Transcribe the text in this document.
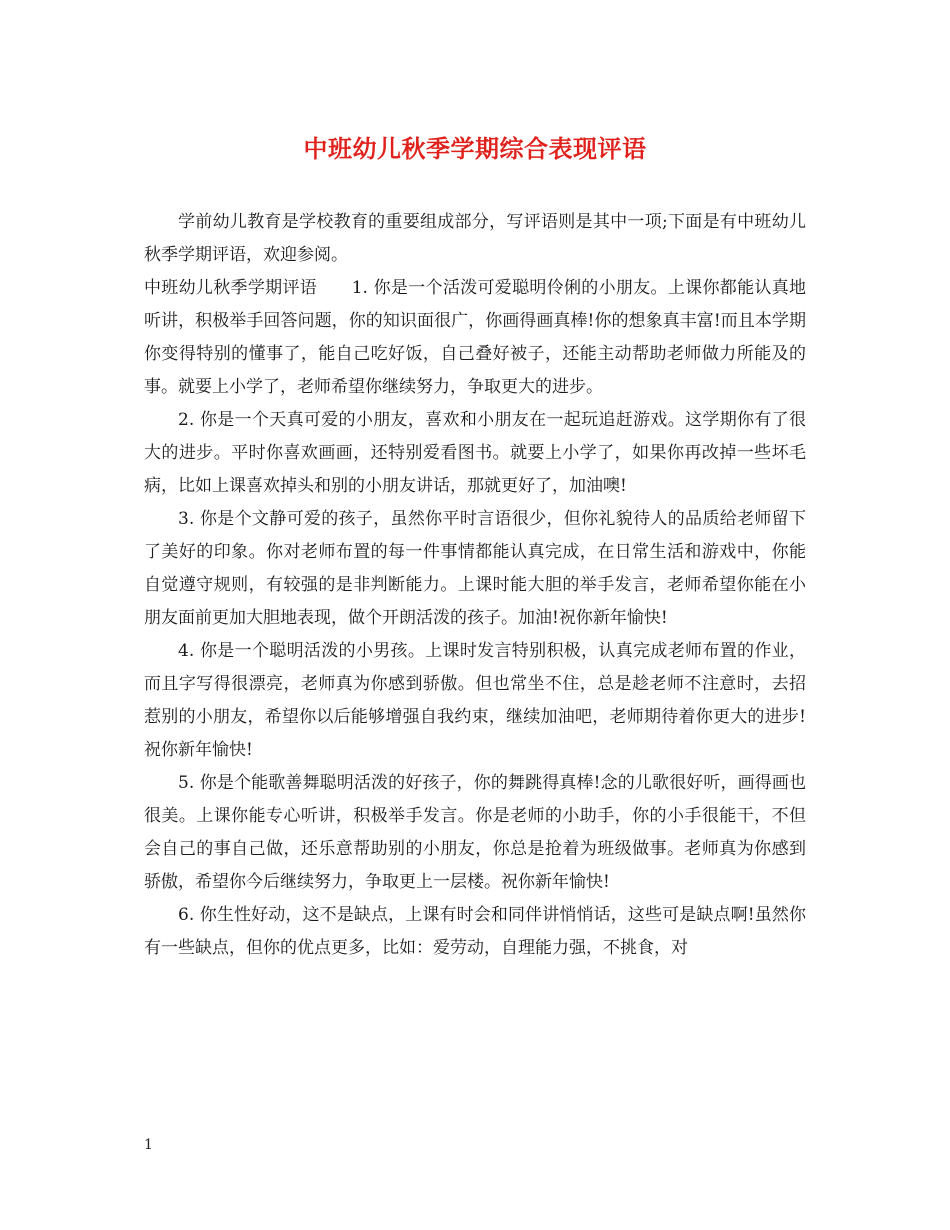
中班幼儿秋季学期综合表现评语

学前幼儿教育是学校教育的重要组成部分，写评语则是其中一项;下面是有中班幼儿秋季学期评语，欢迎参阅。

中班幼儿秋季学期评语　　1. 你是一个活泼可爱聪明伶俐的小朋友。上课你都能认真地听讲，积极举手回答问题，你的知识面很广，你画得画真棒!你的想象真丰富!而且本学期你变得特别的懂事了，能自己吃好饭，自己叠好被子，还能主动帮助老师做力所能及的事。就要上小学了，老师希望你继续努力，争取更大的进步。

2. 你是一个天真可爱的小朋友，喜欢和小朋友在一起玩追赶游戏。这学期你有了很大的进步。平时你喜欢画画，还特别爱看图书。就要上小学了，如果你再改掉一些坏毛病，比如上课喜欢掉头和别的小朋友讲话，那就更好了，加油噢!

3. 你是个文静可爱的孩子，虽然你平时言语很少，但你礼貌待人的品质给老师留下了美好的印象。你对老师布置的每一件事情都能认真完成，在日常生活和游戏中，你能自觉遵守规则，有较强的是非判断能力。上课时能大胆的举手发言，老师希望你能在小朋友面前更加大胆地表现，做个开朗活泼的孩子。加油!祝你新年愉快!

4. 你是一个聪明活泼的小男孩。上课时发言特别积极，认真完成老师布置的作业，而且字写得很漂亮，老师真为你感到骄傲。但也常坐不住，总是趁老师不注意时，去招惹别的小朋友，希望你以后能够增强自我约束，继续加油吧，老师期待着你更大的进步!祝你新年愉快!

5. 你是个能歌善舞聪明活泼的好孩子，你的舞跳得真棒!念的儿歌很好听，画得画也很美。上课你能专心听讲，积极举手发言。你是老师的小助手，你的小手很能干，不但会自己的事自己做，还乐意帮助别的小朋友，你总是抢着为班级做事。老师真为你感到骄傲，希望你今后继续努力，争取更上一层楼。祝你新年愉快!

6. 你生性好动，这不是缺点，上课有时会和同伴讲悄悄话，这些可是缺点啊!虽然你有一些缺点，但你的优点更多，比如：爱劳动，自理能力强，不挑食，对

1
